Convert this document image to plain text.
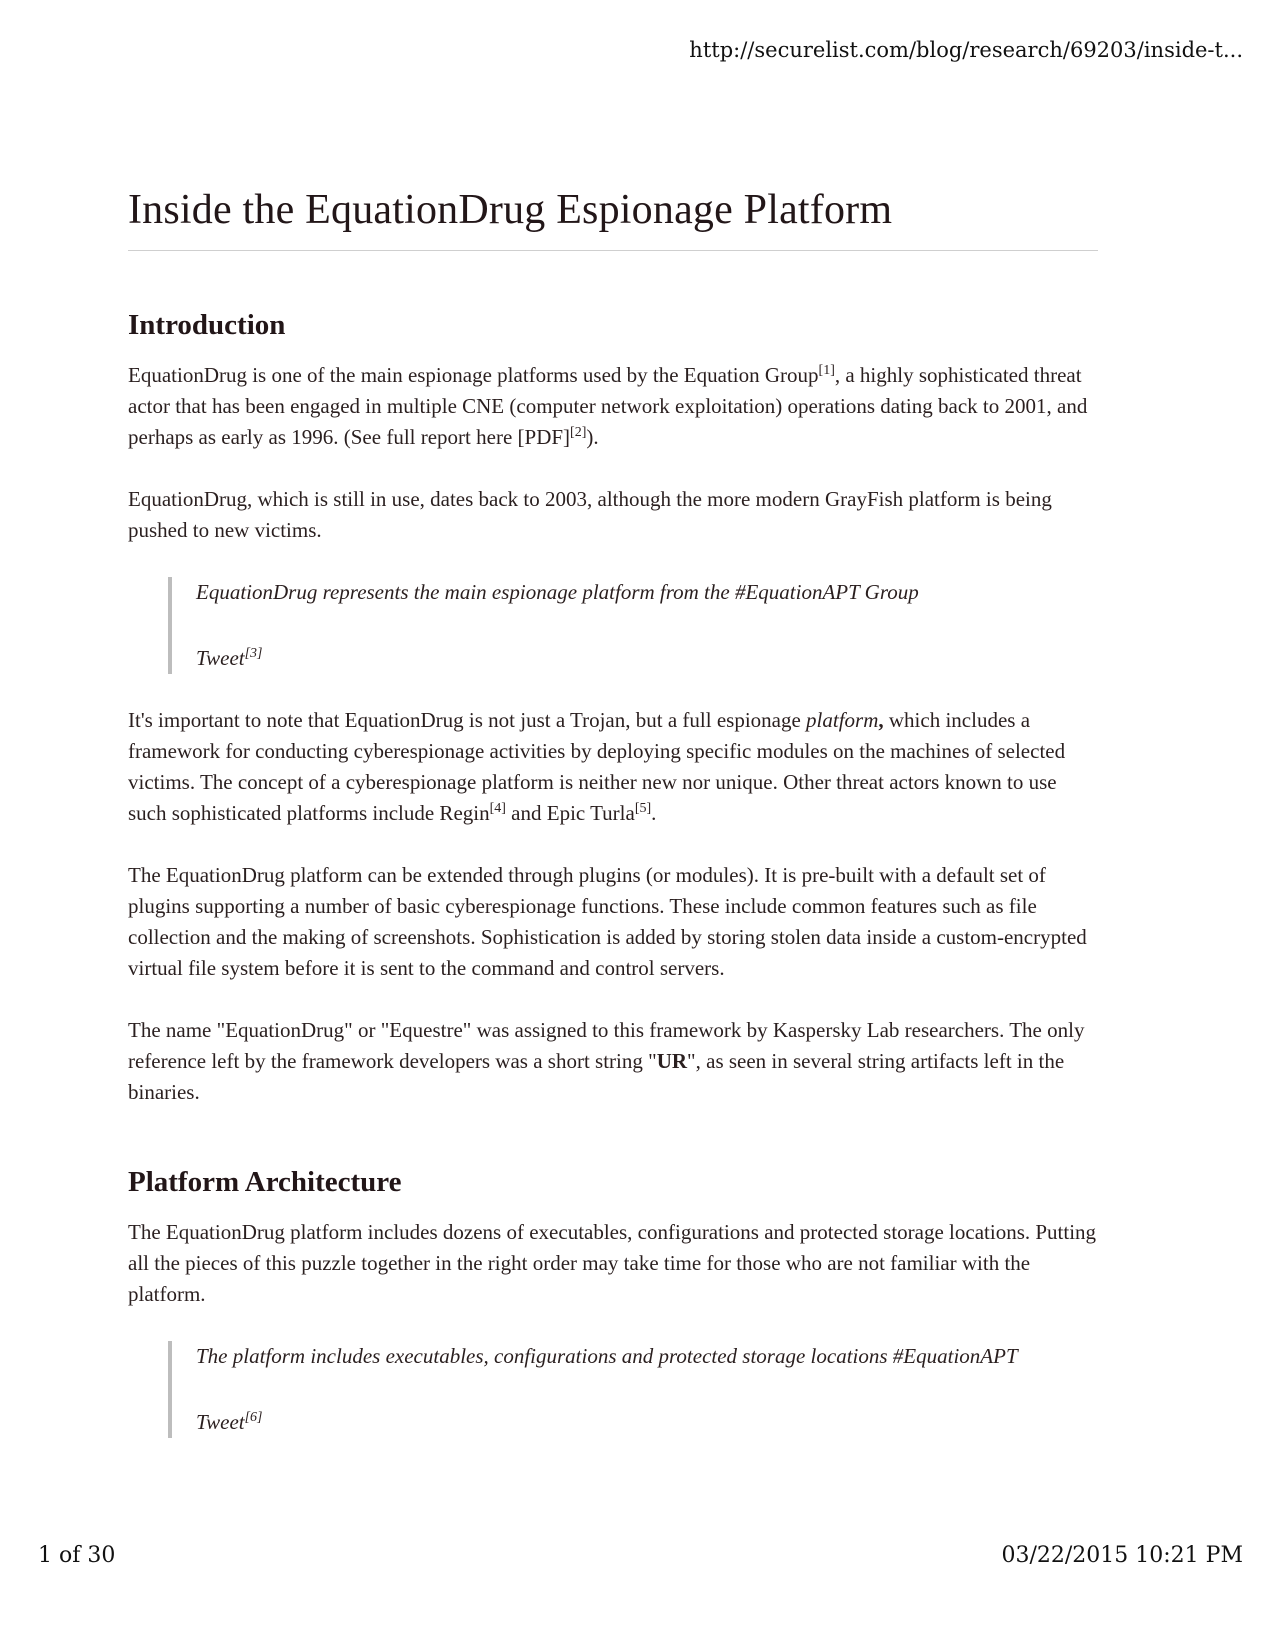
http://securelist.com/blog/research/69203/inside-t...
Inside the EquationDrug Espionage Platform
Introduction

EquationDrug is one of the main espionage platforms used by the Equation Group[1], a highly sophisticated threat actor that has been engaged in multiple CNE (computer network exploitation) operations dating back to 2001, and perhaps as early as 1996. (See full report here [PDF][2]).

EquationDrug, which is still in use, dates back to 2003, although the more modern GrayFish platform is being pushed to new victims.

EquationDrug represents the main espionage platform from the #EquationAPT Group

Tweet[3]

It's important to note that EquationDrug is not just a Trojan, but a full espionage platform, which includes a framework for conducting cyberespionage activities by deploying specific modules on the machines of selected victims. The concept of a cyberespionage platform is neither new nor unique. Other threat actors known to use such sophisticated platforms include Regin[4] and Epic Turla[5].

The EquationDrug platform can be extended through plugins (or modules). It is pre-built with a default set of plugins supporting a number of basic cyberespionage functions. These include common features such as file collection and the making of screenshots. Sophistication is added by storing stolen data inside a custom-encrypted virtual file system before it is sent to the command and control servers.

The name "EquationDrug" or "Equestre" was assigned to this framework by Kaspersky Lab researchers. The only reference left by the framework developers was a short string "UR", as seen in several string artifacts left in the binaries.

Platform Architecture

The EquationDrug platform includes dozens of executables, configurations and protected storage locations. Putting all the pieces of this puzzle together in the right order may take time for those who are not familiar with the platform.

The platform includes executables, configurations and protected storage locations #EquationAPT

Tweet[6]

1 of 30	03/22/2015 10:21 PM
